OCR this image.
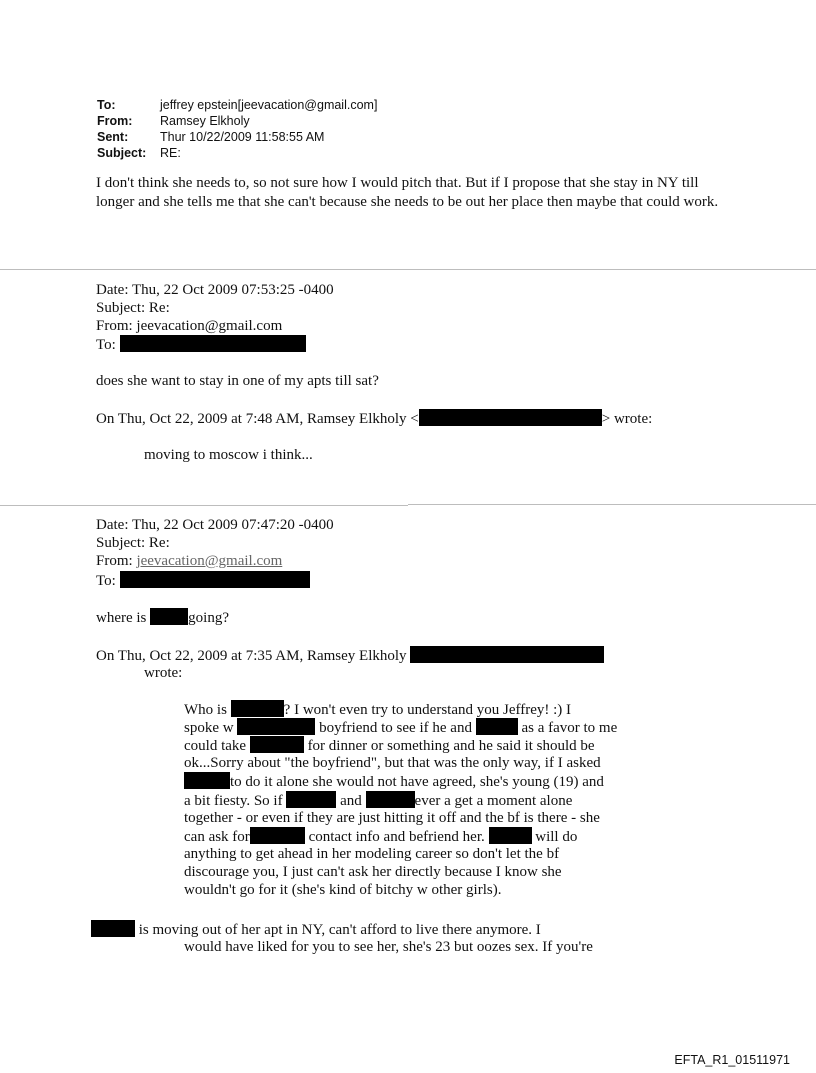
To:	jeffrey epstein[jeevacation@gmail.com]
From:	Ramsey Elkholy
Sent:	Thur 10/22/2009 11:58:55 AM
Subject:	RE:
I don't think she needs to, so not sure how I would pitch that. But if I propose that she stay in NY till longer and she tells me that she can't because she needs to be out her place then maybe that could work.
Date: Thu, 22 Oct 2009 07:53:25 -0400
Subject: Re:
From: jeevacation@gmail.com
To:
does she want to stay in one of my apts till sat?
On Thu, Oct 22, 2009 at 7:48 AM, Ramsey Elkholy <	> wrote:
moving to moscow i think...
Date: Thu, 22 Oct 2009 07:47:20 -0400
Subject: Re:
From: jeevacation@gmail.com
To:
where is	going?
On Thu, Oct 22, 2009 at 7:35 AM, Ramsey Elkholy
wrote:
Who is	? I won't even try to understand you Jeffrey! :) I
spoke w	boyfriend to see if he and	as a favor to me
could take	for dinner or something and he said it should be
ok...Sorry about "the boyfriend", but that was the only way, if I asked
to do it alone she would not have agreed, she's young (19) and
a bit fiesty. So if	and	ever a get a moment alone
together - or even if they are just hitting it off and the bf is there - she
can ask for	contact info and befriend her.	will do
anything to get ahead in her modeling career so don't let the bf
discourage you, I just can't ask her directly because I know she
wouldn't go for it (she's kind of bitchy w other girls).
is moving out of her apt in NY, can't afford to live there anymore. I
would have liked for you to see her, she's 23 but oozes sex. If you're
EFTA_R1_01511971
